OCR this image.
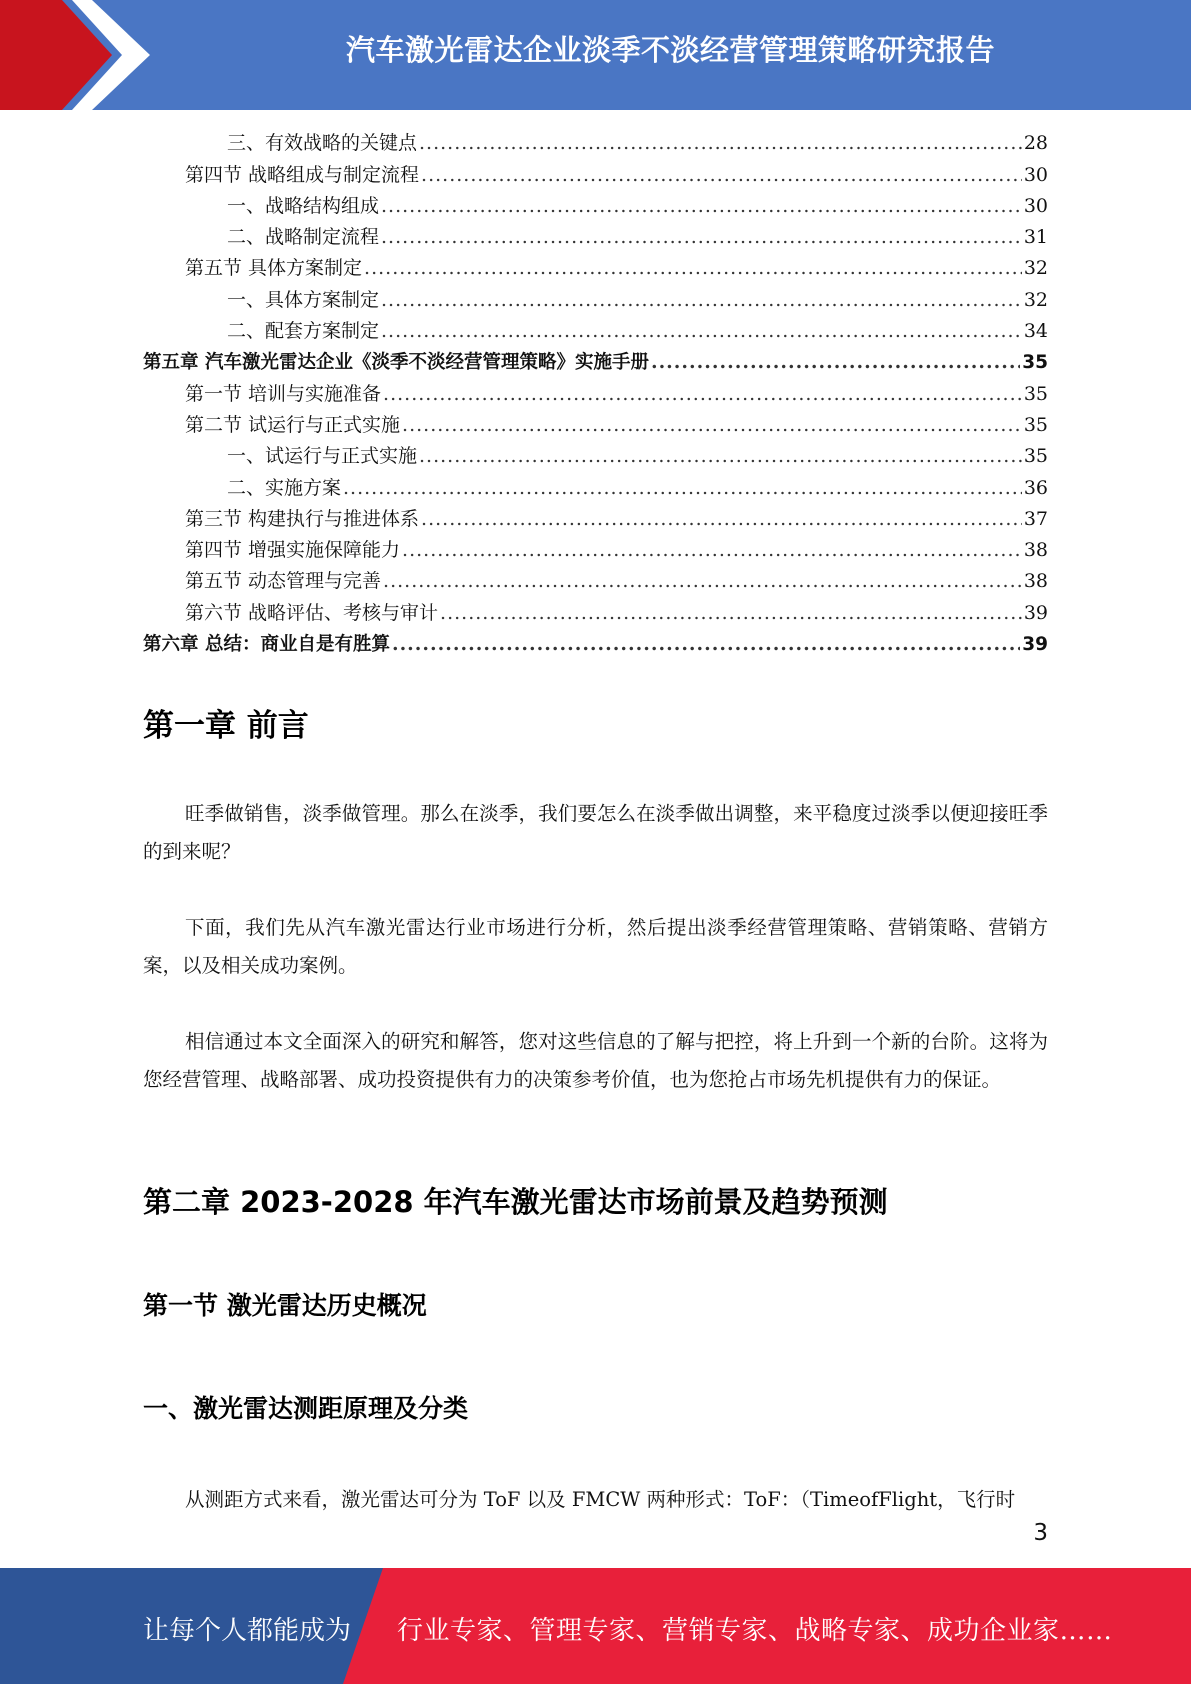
汽车激光雷达企业淡季不淡经营管理策略研究报告
三、有效战略的关键点 .....	28
第四节 战略组成与制定流程 .....	30
一、战略结构组成 .....	30
二、战略制定流程 .....	31
第五节 具体方案制定 .....	32
一、具体方案制定 .....	32
二、配套方案制定 .....	34
第五章 汽车激光雷达企业《淡季不淡经营管理策略》实施手册 .....	35
第一节 培训与实施准备 .....	35
第二节 试运行与正式实施 .....	35
一、试运行与正式实施 .....	35
二、实施方案 .....	36
第三节 构建执行与推进体系 .....	37
第四节 增强实施保障能力 .....	38
第五节 动态管理与完善 .....	38
第六节 战略评估、考核与审计 .....	39
第六章 总结：商业自是有胜算 .....	39
第一章 前言

旺季做销售，淡季做管理。那么在淡季，我们要怎么在淡季做出调整，来平稳度过淡季以便迎接旺季的到来呢？

下面，我们先从汽车激光雷达行业市场进行分析，然后提出淡季经营管理策略、营销策略、营销方案，以及相关成功案例。

相信通过本文全面深入的研究和解答，您对这些信息的了解与把控，将上升到一个新的台阶。这将为您经营管理、战略部署、成功投资提供有力的决策参考价值，也为您抢占市场先机提供有力的保证。

第二章 2023-2028 年汽车激光雷达市场前景及趋势预测
第一节 激光雷达历史概况
一、激光雷达测距原理及分类

从测距方式来看，激光雷达可分为 ToF 以及 FMCW 两种形式：ToF：（TimeofFlight，飞行时

3
让每个人都能成为 行业专家、管理专家、营销专家、战略专家、成功企业家……
